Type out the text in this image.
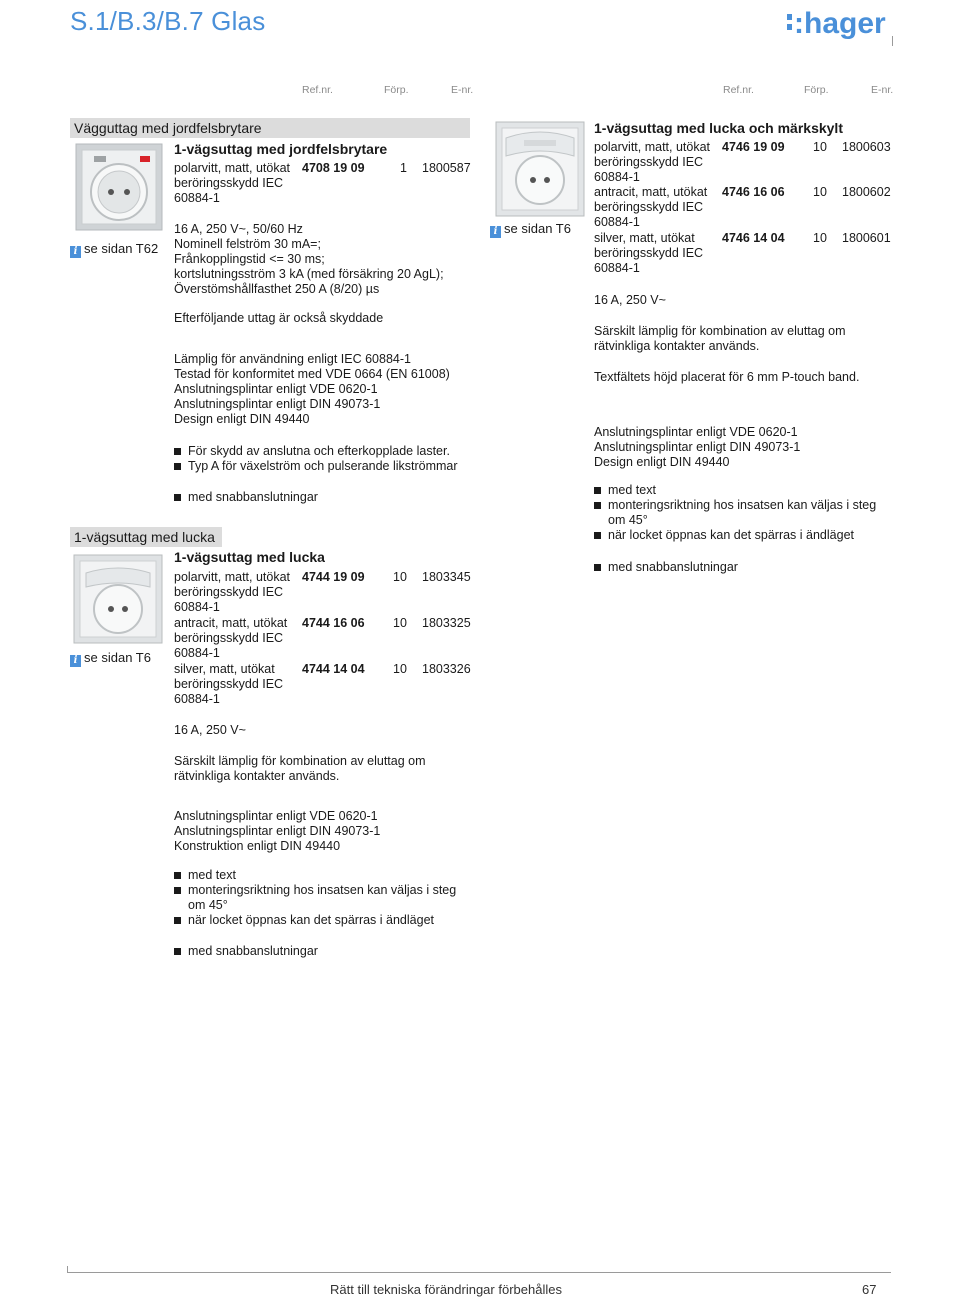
S.1/B.3/B.7 Glas	:hager
Ref.nr.	Förp.	E-nr.	Ref.nr.	Förp.	E-nr.
Vägguttag med jordfelsbrytare
i se sidan T62
1-vägsuttag med jordfelsbrytare
polarvitt, matt, utökat
beröringsskydd IEC
60884-1
4708 19 09	1 1800587
16 A, 250 V~, 50/60 Hz
Nominell felström 30 mA=;
Frånkopplingstid <= 30 ms;
kortslutningsström 3 kA (med försäkring 20 AgL);
Överstömshållfasthet 250 A (8/20) µs
Efterföljande uttag är också skyddade
Lämplig för användning enligt IEC 60884-1
Testad för konformitet med VDE 0664 (EN 61008)
Anslutningsplintar enligt VDE 0620-1
Anslutningsplintar enligt DIN 49073-1
Design enligt DIN 49440
För skydd av anslutna och efterkopplade laster.
Typ A för växelström och pulserande likströmmar
med snabbanslutningar
1-vägsuttag med lucka
i se sidan T6
1-vägsuttag med lucka
polarvitt, matt, utökat
beröringsskydd IEC
60884-1
4744 19 09 10 1803345
antracit, matt, utökat
beröringsskydd IEC
60884-1
4744 16 06 10 1803325
silver, matt, utökat
beröringsskydd IEC
60884-1
4744 14 04 10 1803326
16 A, 250 V~
Särskilt lämplig för kombination av eluttag om
rätvinkliga kontakter används.
Anslutningsplintar enligt VDE 0620-1
Anslutningsplintar enligt DIN 49073-1
Konstruktion enligt DIN 49440
med text
monteringsriktning hos insatsen kan väljas i steg
om 45°
när locket öppnas kan det spärras i ändläget
med snabbanslutningar
i se sidan T6
1-vägsuttag med lucka och märkskylt
polarvitt, matt, utökat
beröringsskydd IEC
60884-1
4746 19 09 10 1800603
antracit, matt, utökat
beröringsskydd IEC
60884-1
4746 16 06 10 1800602
silver, matt, utökat
beröringsskydd IEC
60884-1
4746 14 04 10 1800601
16 A, 250 V~
Särskilt lämplig för kombination av eluttag om
rätvinkliga kontakter används.
Textfältets höjd placerat för 6 mm P-touch band.
Anslutningsplintar enligt VDE 0620-1
Anslutningsplintar enligt DIN 49073-1
Design enligt DIN 49440
med text
monteringsriktning hos insatsen kan väljas i steg
om 45°
när locket öppnas kan det spärras i ändläget
med snabbanslutningar
Rätt till tekniska förändringar förbehålles	67
